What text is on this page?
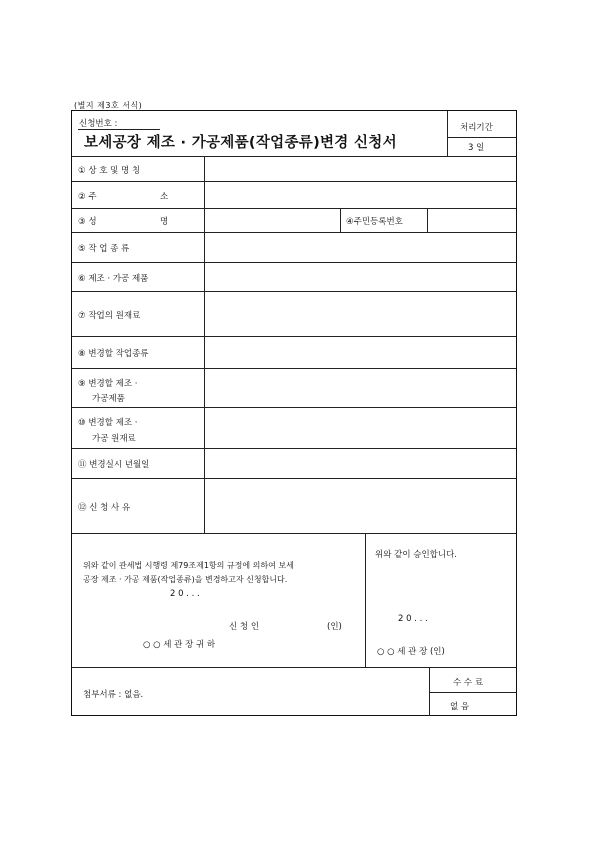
(별지 제3호 서식)
신청번호 :
보세공장 제조 · 가공제품(작업종류)변경 신청서
처리기간
3 일
① 상 호 및 명 칭
② 주	소
③ 성	명	④주민등록번호
⑤ 작 업 종 류
⑥ 제조 · 가공 제품
⑦ 작업의 원재료
⑧ 변경할 작업종류
⑨ 변경할 제조 ·
가공제품
⑩ 변경할 제조 ·
가공 원재료
⑪ 변경실시 년월일
⑫ 신 청 사 유
위와 같이 관세법 시행령 제79조제1항의 규정에 의하여 보세
공장 제조 · 가공 제품(작업종류)을 변경하고자 신청합니다.
2 0 . . .
신 청 인	(인)
○ ○ 세 관 장 귀 하
위와 같이 승인합니다.
2 0 . . .
○ ○ 세 관 장 (인)
첨부서류 : 없음.
수 수 료
없 음
